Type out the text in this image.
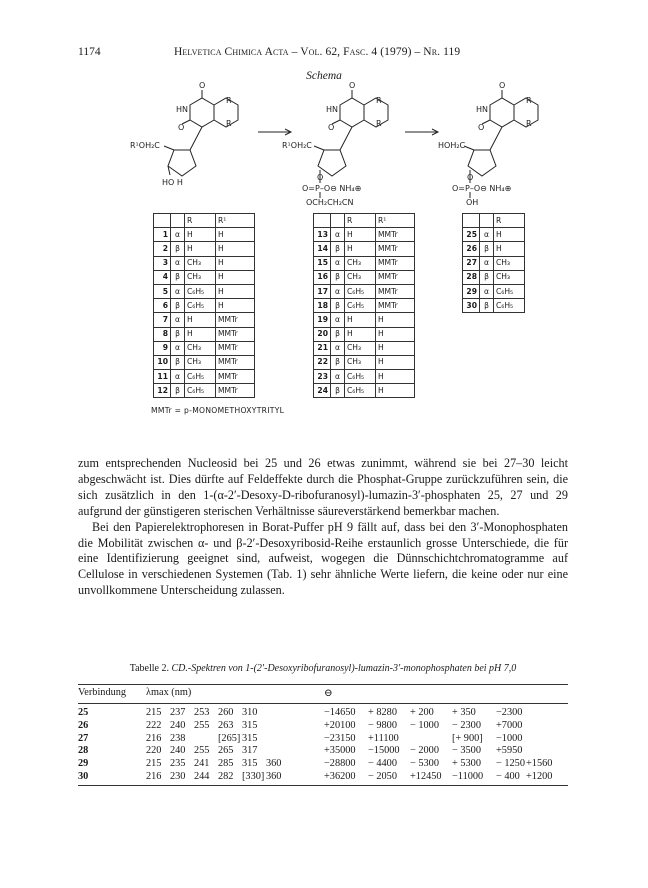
1174	Helvetica Chimica Acta – Vol. 62, Fasc. 4 (1979) – Nr. 119
Schema
O
HN
R
R
O
R¹OH₂C
HO H
O
HN
R
R
O
R¹OH₂C
O
O=P–O⊖ NH₄⊕
OCH₂CH₂CN
O
HN
R
R
O
HOH₂C
O
O=P–O⊖ NH₄⊕
OH
		R	R¹
1	α	H	H
2	β	H	H
3	α	CH₃	H
4	β	CH₃	H
5	α	C₆H₅	H
6	β	C₆H₅	H
7	α	H	MMTr
8	β	H	MMTr
9	α	CH₃	MMTr
10	β	CH₃	MMTr
11	α	C₆H₅	MMTr
12	β	C₆H₅	MMTr
		R	R¹
13	α	H	MMTr
14	β	H	MMTr
15	α	CH₃	MMTr
16	β	CH₃	MMTr
17	α	C₆H₅	MMTr
18	β	C₆H₅	MMTr
19	α	H	H
20	β	H	H
21	α	CH₃	H
22	β	CH₃	H
23	α	C₆H₅	H
24	β	C₆H₅	H
		R
25	α	H
26	β	H
27	α	CH₃
28	β	CH₃
29	α	C₆H₅
30	β	C₆H₅
MMTr = p-MONOMETHOXYTRITYL

zum entsprechenden Nucleosid bei 25 und 26 etwas zunimmt, während sie bei 27–30 leicht abgeschwächt ist. Dies dürfte auf Feldeffekte durch die Phosphat-Gruppe zurückzuführen sein, die sich zusätzlich in den 1-(α-2′-Desoxy-D-ribofuranosyl)-lumazin-3′-phosphaten 25, 27 und 29 aufgrund der günstigeren sterischen Verhältnisse säureverstärkend bemerkbar machen.

Bei den Papierelektrophoresen in Borat-Puffer pH 9 fällt auf, dass bei den 3′-Monophosphaten die Mobilität zwischen α- und β-2′-Desoxyribosid-Reihe erstaunlich grosse Unterschiede, die für eine Identifizierung geeignet sind, aufweist, wogegen die Dünnschichtchromatogramme auf Cellulose in verschiedenen Systemen (Tab. 1) sehr ähnliche Werte liefern, die keine oder nur eine unvollkommene Unterscheidung zulassen.

Tabelle 2. CD.-Spektren von 1-(2′-Desoxyribofuranosyl)-lumazin-3′-monophosphaten bei pH 7,0
Verbindung λmax (nm)	⊖
25	215 237 253 260 310	−14650 + 8280 + 200 + 350 −2300
26	222 240 255 263 315	+20100 − 9800 − 1000 − 2300 +7000
27	216 238	[265] 315	−23150 +11100	[+ 900] −1000
28	220 240 255 265 317	+35000 −15000 − 2000 − 3500 +5950
29	215 235 241 285 315 360	−28800 − 4400 − 5300 + 5300 − 1250 +1560
30	216 230 244 282 [330] 360	+36200 − 2050 +12450 −11000 − 400 +1200
